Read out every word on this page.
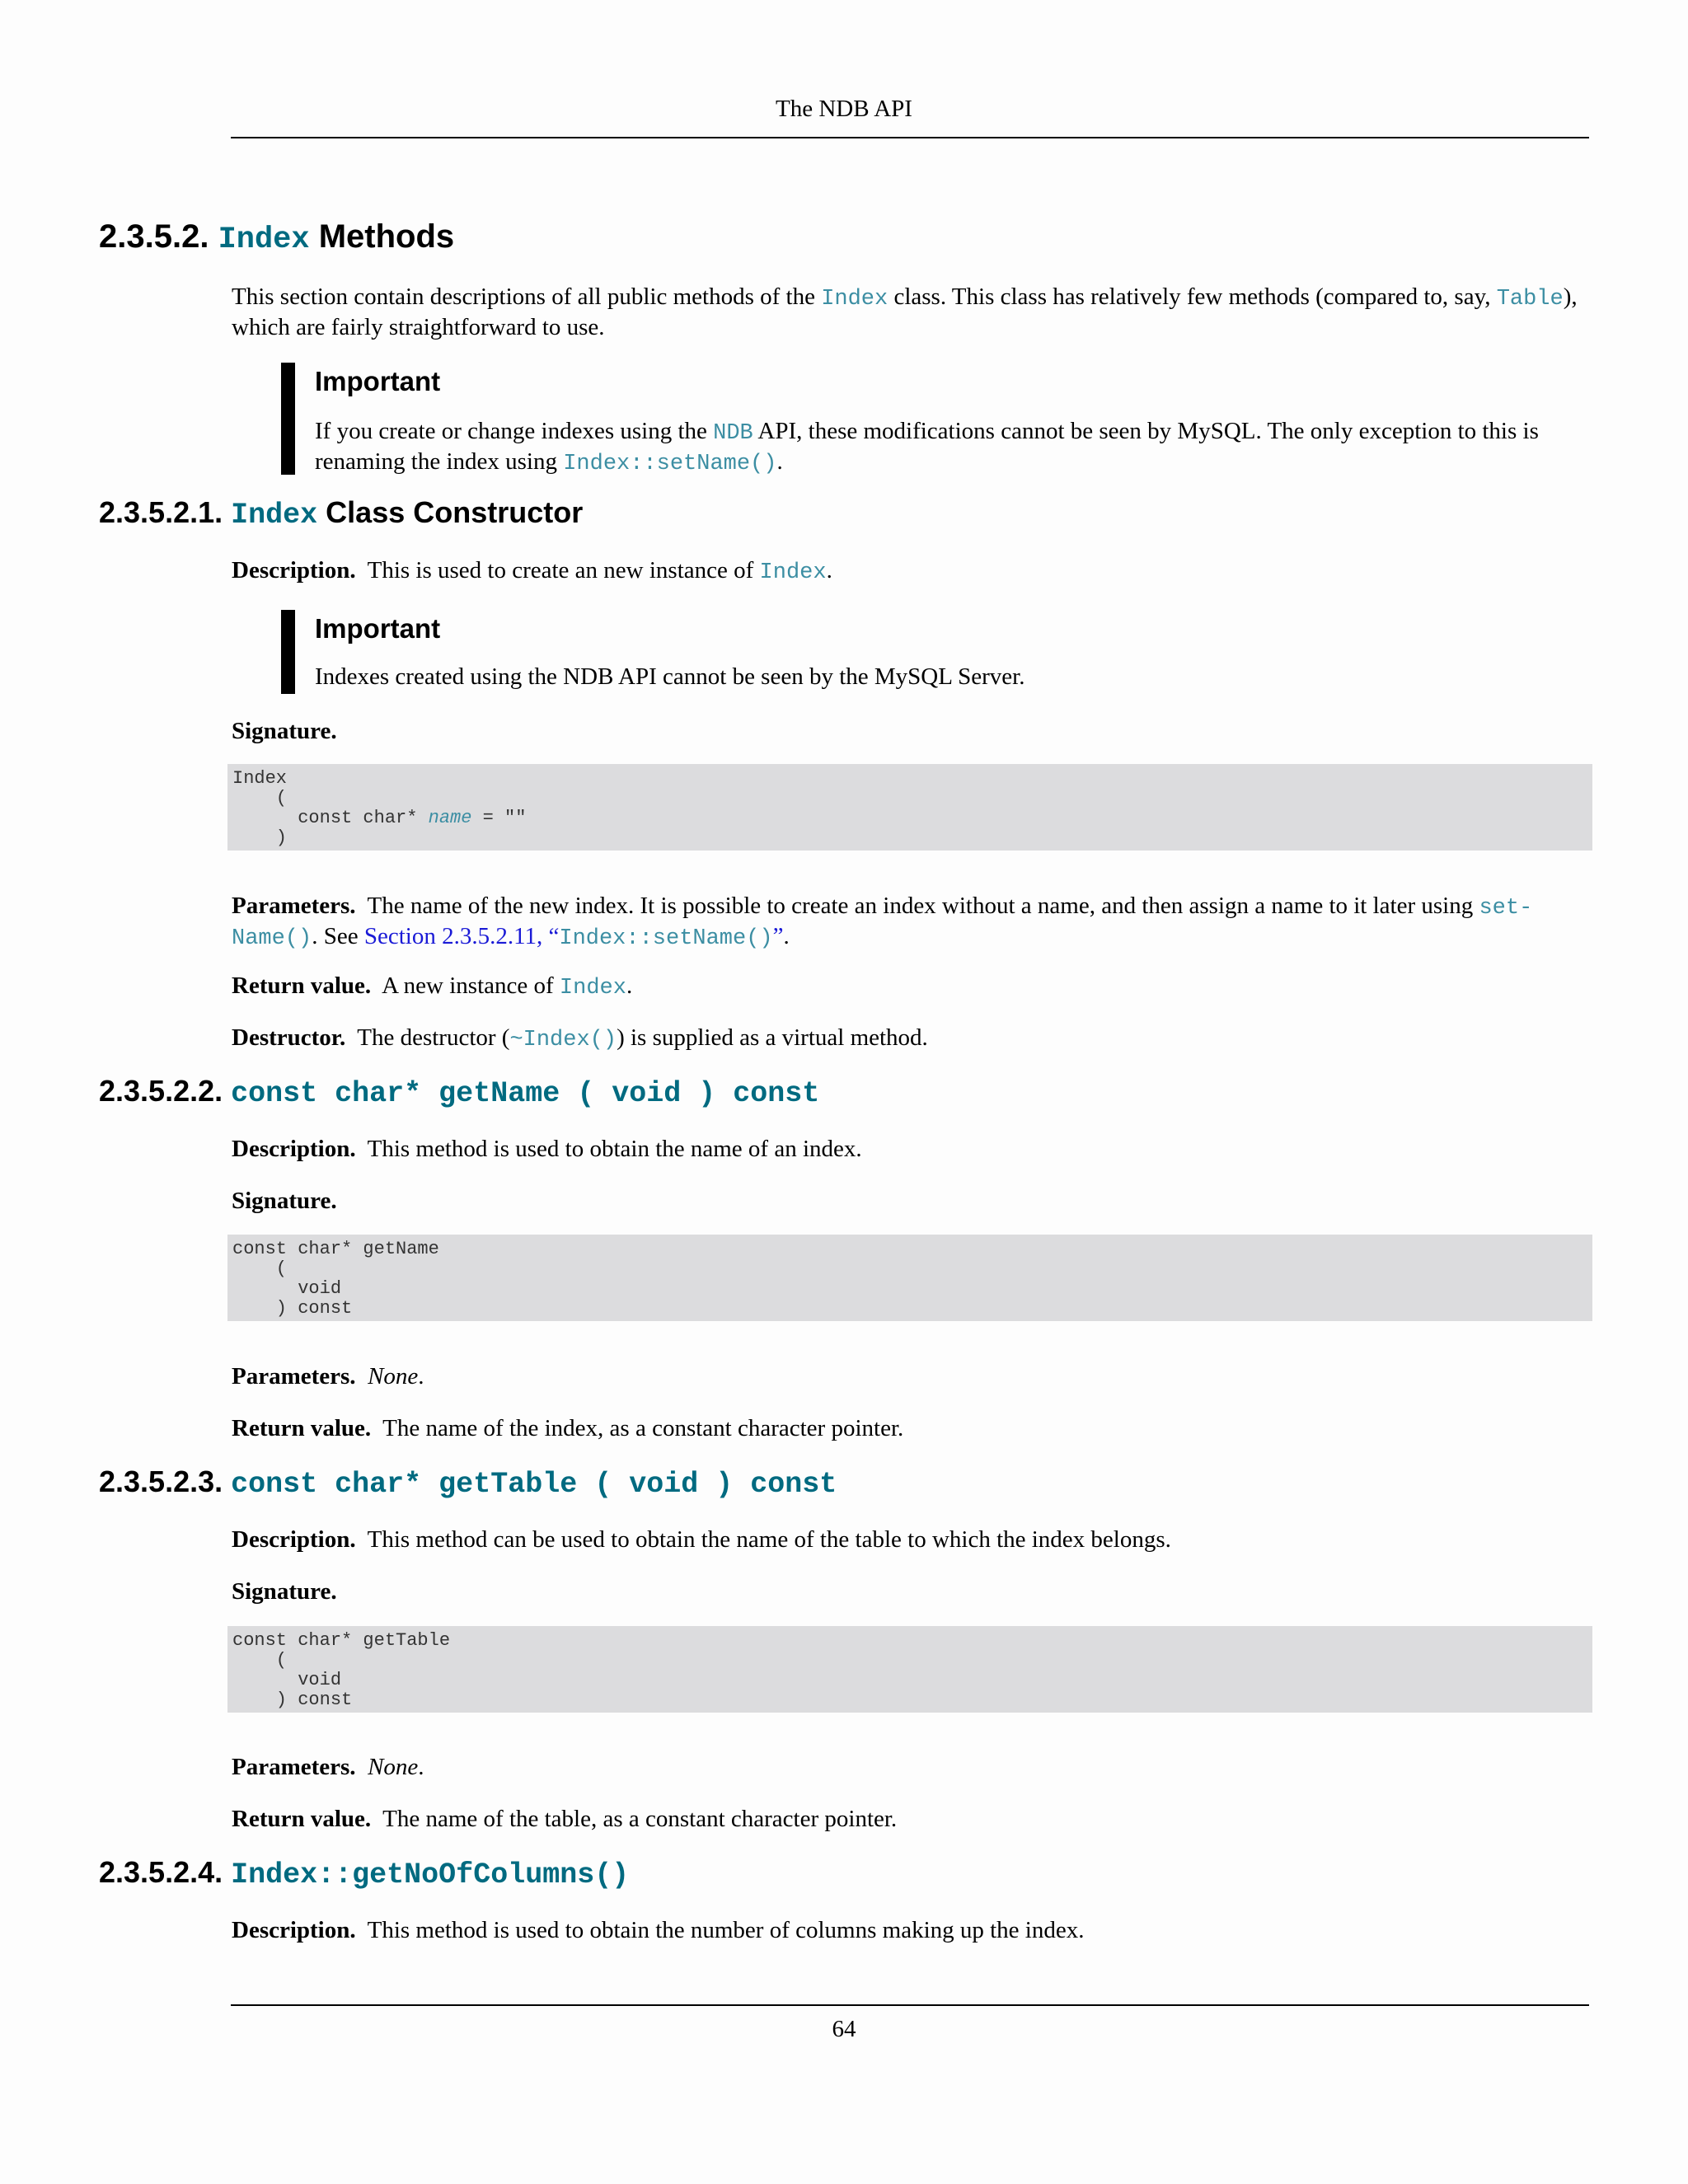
The NDB API
2.3.5.2. Index Methods
This section contain descriptions of all public methods of the Index class. This class has relatively few methods (compared to, say, Table), which are fairly straightforward to use.
Important
If you create or change indexes using the NDB API, these modifications cannot be seen by MySQL. The only exception to this is renaming the index using Index::setName().
2.3.5.2.1. Index Class Constructor
Description. This is used to create an new instance of Index.
Important
Indexes created using the NDB API cannot be seen by the MySQL Server.
Signature.
Index
(
const char* name = ""
)
Parameters. The name of the new index. It is possible to create an index without a name, and then assign a name to it later using set-Name(). See Section 2.3.5.2.11, “Index::setName()”.
Return value. A new instance of Index.
Destructor. The destructor (~Index()) is supplied as a virtual method.
2.3.5.2.2. const char* getName ( void ) const
Description. This method is used to obtain the name of an index.
Signature.
const char* getName
(
void
) const
Parameters. None.
Return value. The name of the index, as a constant character pointer.
2.3.5.2.3. const char* getTable ( void ) const
Description. This method can be used to obtain the name of the table to which the index belongs.
Signature.
const char* getTable
(
void
) const
Parameters. None.
Return value. The name of the table, as a constant character pointer.
2.3.5.2.4. Index::getNoOfColumns()
Description. This method is used to obtain the number of columns making up the index.
64
